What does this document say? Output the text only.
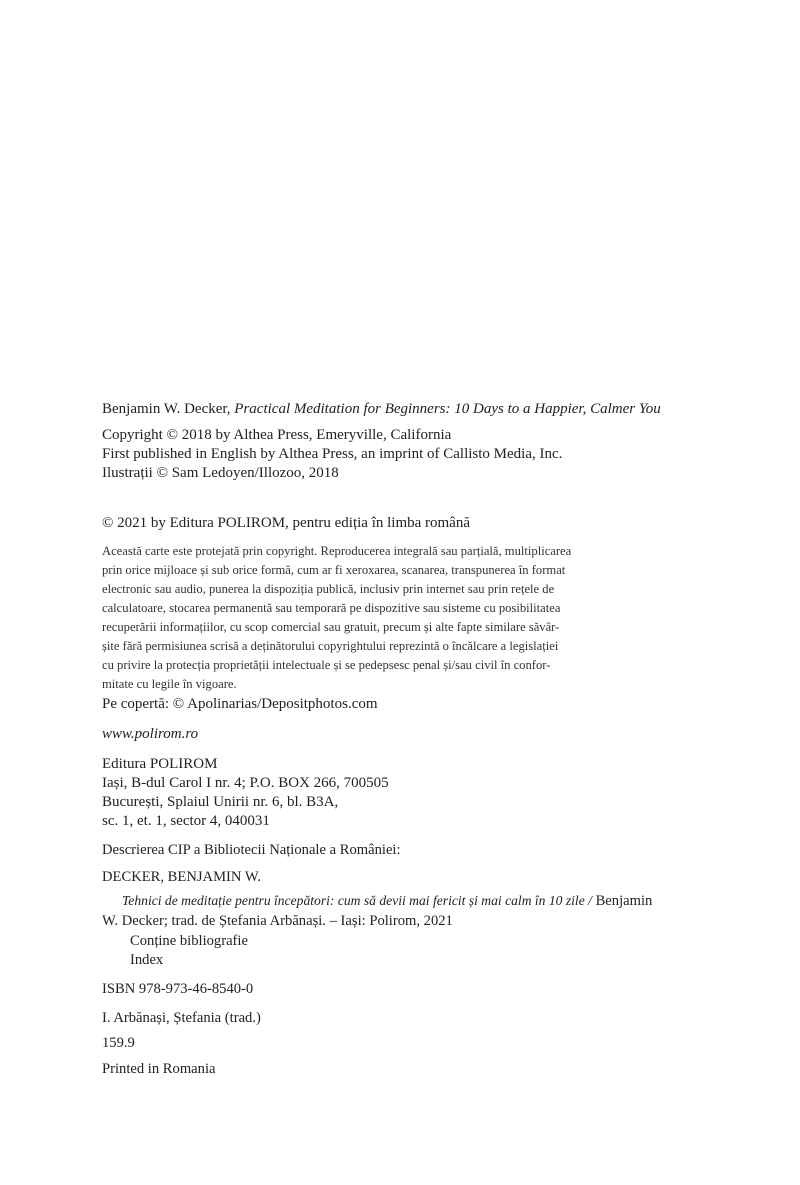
Benjamin W. Decker, Practical Meditation for Beginners: 10 Days to a Happier, Calmer You
Copyright © 2018 by Althea Press, Emeryville, California
First published in English by Althea Press, an imprint of Callisto Media, Inc.
Ilustrații © Sam Ledoyen/Illozoo, 2018
© 2021 by Editura POLIROM, pentru ediția în limba română
Această carte este protejată prin copyright. Reproducerea integrală sau parțială, multiplicarea
prin orice mijloace și sub orice formă, cum ar fi xeroxarea, scanarea, transpunerea în format
electronic sau audio, punerea la dispoziția publică, inclusiv prin internet sau prin rețele de
calculatoare, stocarea permanentă sau temporară pe dispozitive sau sisteme cu posibilitatea
recuperării informațiilor, cu scop comercial sau gratuit, precum și alte fapte similare săvâr-
șite fără permisiunea scrisă a deținătorului copyrightului reprezintă o încălcare a legislației
cu privire la protecția proprietății intelectuale și se pedepsesc penal și/sau civil în confor-
mitate cu legile în vigoare.
Pe copertă: © Apolinarias/Depositphotos.com
www.polirom.ro
Editura POLIROM
Iași, B-dul Carol I nr. 4; P.O. BOX 266, 700505
București, Splaiul Unirii nr. 6, bl. B3A,
sc. 1, et. 1, sector 4, 040031
Descrierea CIP a Bibliotecii Naționale a României:
DECKER, BENJAMIN W.
Tehnici de meditație pentru începători: cum să devii mai fericit și mai calm în 10 zile / Benjamin
W. Decker; trad. de Ștefania Arbănași. – Iași: Polirom, 2021
Conține bibliografie
Index
ISBN 978-973-46-8540-0
I. Arbănași, Ștefania (trad.)
159.9
Printed in Romania
